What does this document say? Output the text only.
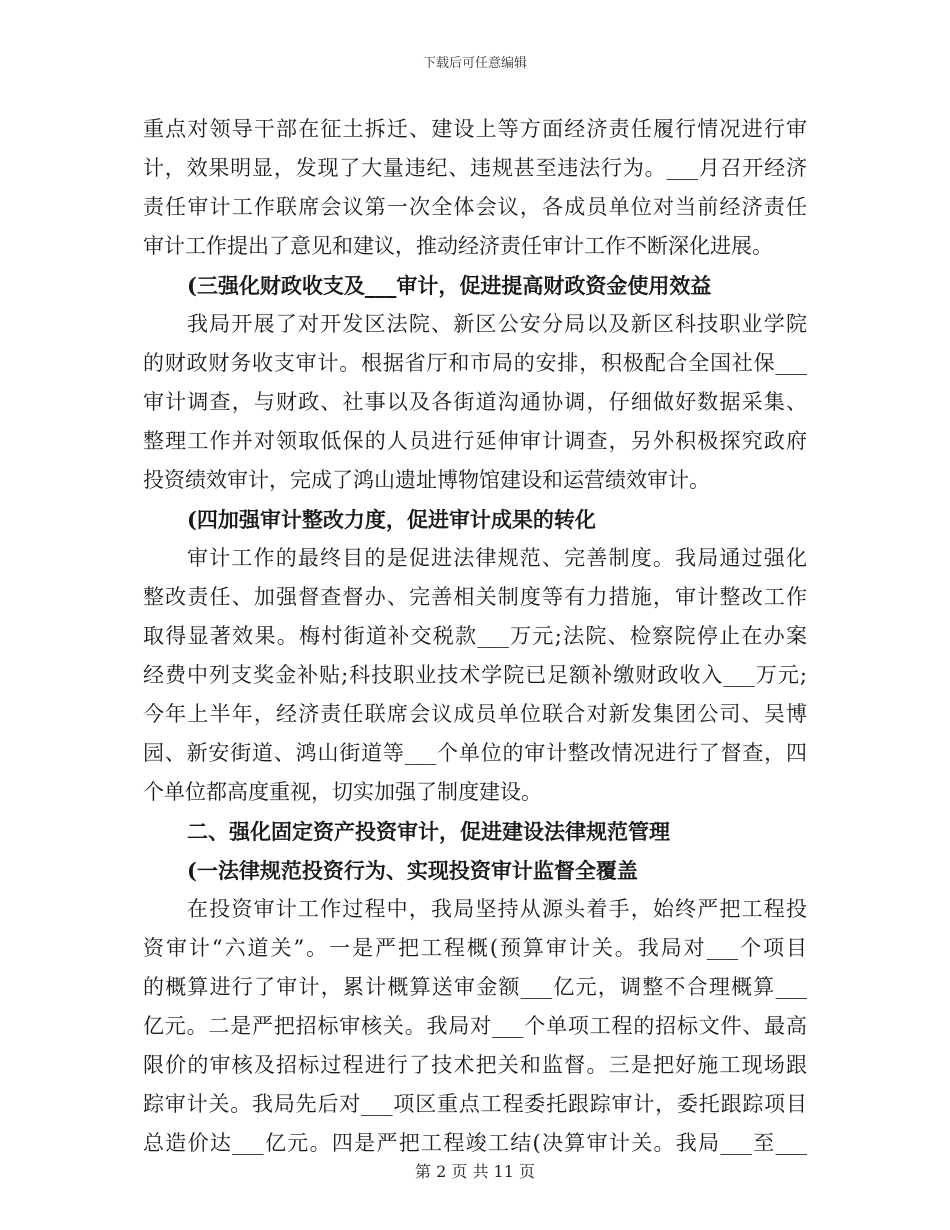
下载后可任意编辑
重点对领导干部在征土拆迁、建设上等方面经济责任履行情况进行审
计，效果明显，发现了大量违纪、违规甚至违法行为。___月召开经济
责任审计工作联席会议第一次全体会议，各成员单位对当前经济责任
审计工作提出了意见和建议，推动经济责任审计工作不断深化进展。
(三强化财政收支及___审计，促进提高财政资金使用效益
我局开展了对开发区法院、新区公安分局以及新区科技职业学院
的财政财务收支审计。根据省厅和市局的安排，积极配合全国社保___
审计调查，与财政、社事以及各街道沟通协调，仔细做好数据采集、
整理工作并对领取低保的人员进行延伸审计调查，另外积极探究政府
投资绩效审计，完成了鸿山遗址博物馆建设和运营绩效审计。
(四加强审计整改力度，促进审计成果的转化
审计工作的最终目的是促进法律规范、完善制度。我局通过强化
整改责任、加强督查督办、完善相关制度等有力措施，审计整改工作
取得显著效果。梅村街道补交税款___万元;法院、检察院停止在办案
经费中列支奖金补贴;科技职业技术学院已足额补缴财政收入___万元;
今年上半年，经济责任联席会议成员单位联合对新发集团公司、吴博
园、新安街道、鸿山街道等___个单位的审计整改情况进行了督查，四
个单位都高度重视，切实加强了制度建设。
二、强化固定资产投资审计，促进建设法律规范管理
(一法律规范投资行为、实现投资审计监督全覆盖
在投资审计工作过程中，我局坚持从源头着手，始终严把工程投
资审计“六道关”。一是严把工程概(预算审计关。我局对___个项目
的概算进行了审计，累计概算送审金额___亿元，调整不合理概算___
亿元。二是严把招标审核关。我局对___个单项工程的招标文件、最高
限价的审核及招标过程进行了技术把关和监督。三是把好施工现场跟
踪审计关。我局先后对___项区重点工程委托跟踪审计，委托跟踪项目
总造价达___亿元。四是严把工程竣工结(决算审计关。我局___至___
第 2 页 共 11 页
